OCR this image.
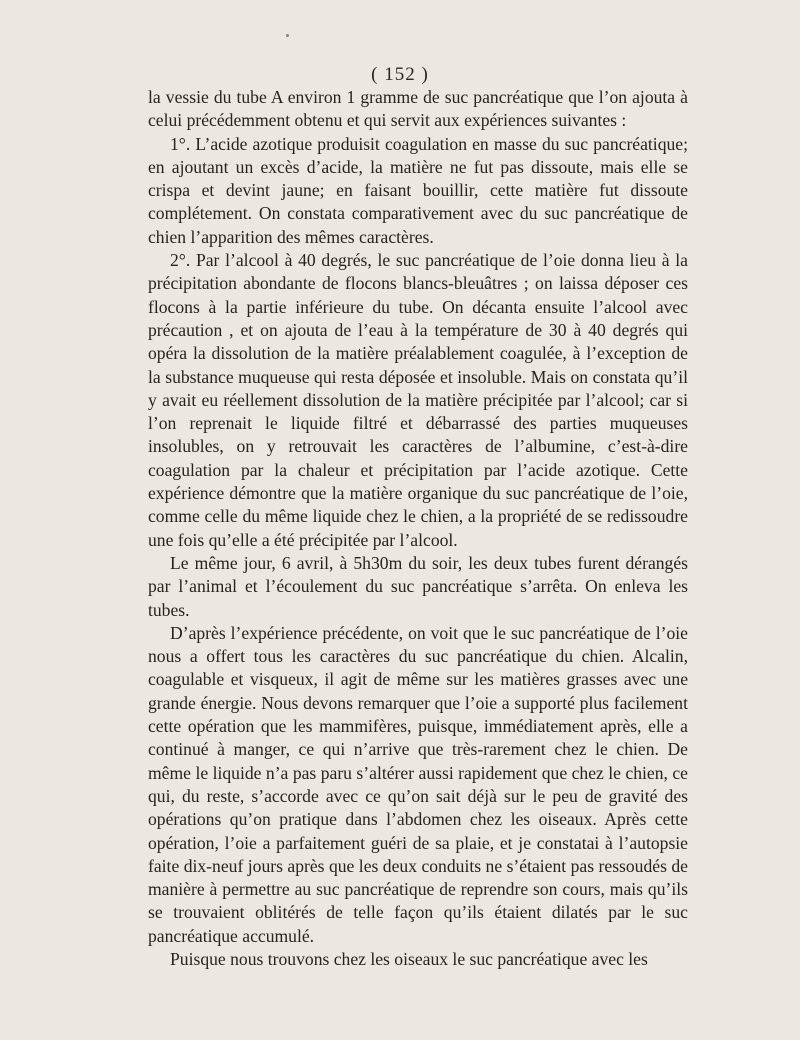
( 152 )

la vessie du tube A environ 1 gramme de suc pancréatique que l’on ajouta à celui précédemment obtenu et qui servit aux expériences suivantes :

1°. L’acide azotique produisit coagulation en masse du suc pancréatique; en ajoutant un excès d’acide, la matière ne fut pas dissoute, mais elle se crispa et devint jaune; en faisant bouillir, cette matière fut dissoute complétement. On constata comparativement avec du suc pancréatique de chien l’apparition des mêmes caractères.

2°. Par l’alcool à 40 degrés, le suc pancréatique de l’oie donna lieu à la précipitation abondante de flocons blancs-bleuâtres ; on laissa déposer ces flocons à la partie inférieure du tube. On décanta ensuite l’alcool avec précaution , et on ajouta de l’eau à la température de 30 à 40 degrés qui opéra la dissolution de la matière préalablement coagulée, à l’exception de la substance muqueuse qui resta déposée et insoluble. Mais on constata qu’il y avait eu réellement dissolution de la matière précipitée par l’alcool; car si l’on reprenait le liquide filtré et débarrassé des parties muqueuses insolubles, on y retrouvait les caractères de l’albumine, c’est-à-dire coagulation par la chaleur et précipitation par l’acide azotique. Cette expérience démontre que la matière organique du suc pancréatique de l’oie, comme celle du même liquide chez le chien, a la propriété de se redissoudre une fois qu’elle a été précipitée par l’alcool.

Le même jour, 6 avril, à 5h30m du soir, les deux tubes furent dérangés par l’animal et l’écoulement du suc pancréatique s’arrêta. On enleva les tubes.

D’après l’expérience précédente, on voit que le suc pancréatique de l’oie nous a offert tous les caractères du suc pancréatique du chien. Alcalin, coagulable et visqueux, il agit de même sur les matières grasses avec une grande énergie. Nous devons remarquer que l’oie a supporté plus facilement cette opération que les mammifères, puisque, immédiatement après, elle a continué à manger, ce qui n’arrive que très-rarement chez le chien. De même le liquide n’a pas paru s’altérer aussi rapidement que chez le chien, ce qui, du reste, s’accorde avec ce qu’on sait déjà sur le peu de gravité des opérations qu’on pratique dans l’abdomen chez les oiseaux. Après cette opération, l’oie a parfaitement guéri de sa plaie, et je constatai à l’autopsie faite dix-neuf jours après que les deux conduits ne s’étaient pas ressoudés de manière à permettre au suc pancréatique de reprendre son cours, mais qu’ils se trouvaient oblitérés de telle façon qu’ils étaient dilatés par le suc pancréatique accumulé.

Puisque nous trouvons chez les oiseaux le suc pancréatique avec les
